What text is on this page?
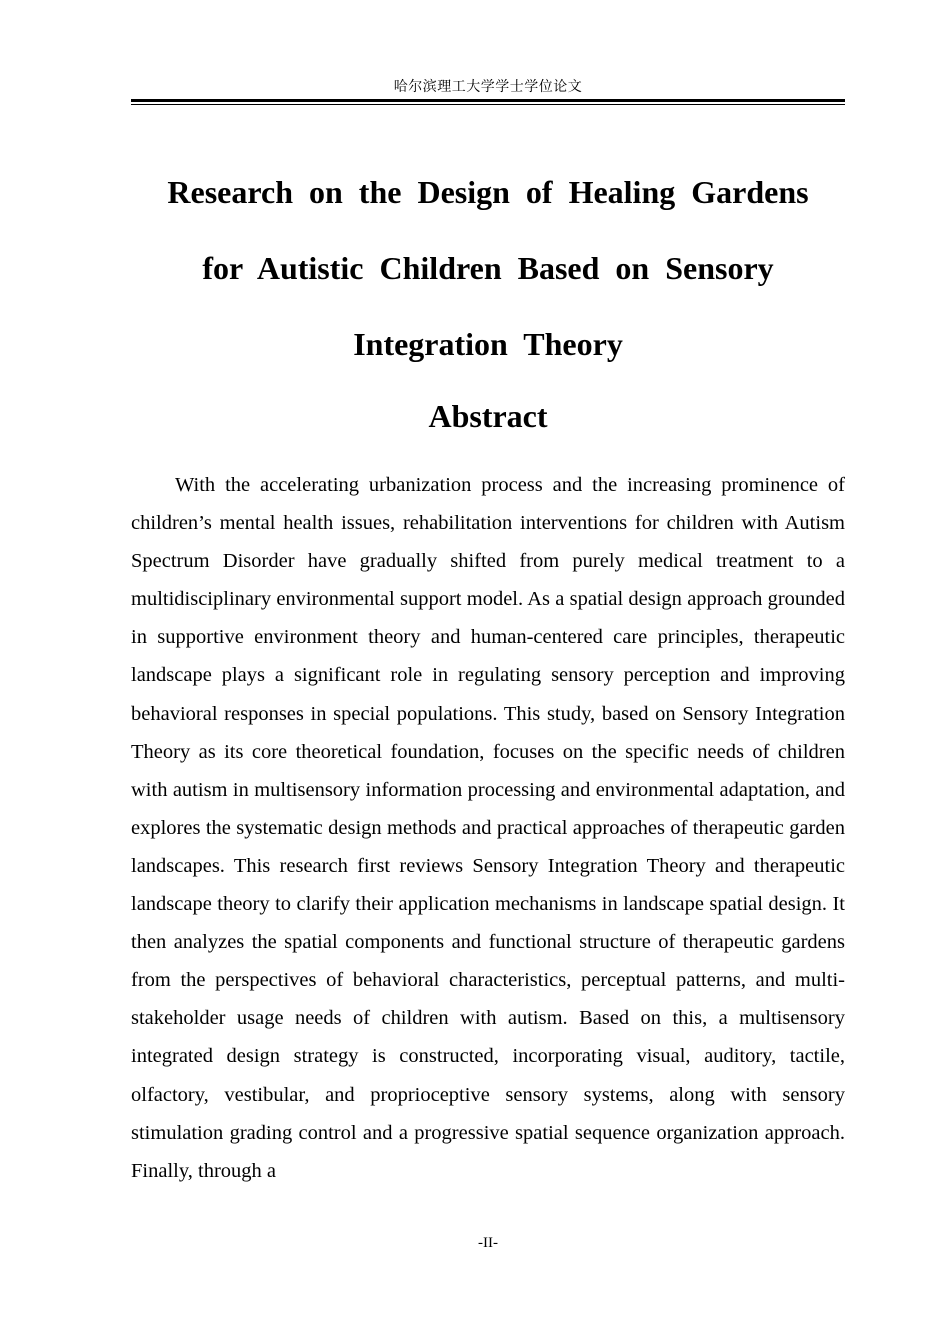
哈尔滨理工大学学士学位论文
Research on the Design of Healing Gardens for Autistic Children Based on Sensory Integration Theory
Abstract

With the accelerating urbanization process and the increasing prominence of children’s mental health issues, rehabilitation interventions for children with Autism Spectrum Disorder have gradually shifted from purely medical treatment to a multidisciplinary environmental support model. As a spatial design approach grounded in supportive environment theory and human-centered care principles, therapeutic landscape plays a significant role in regulating sensory perception and improving behavioral responses in special populations. This study, based on Sensory Integration Theory as its core theoretical foundation, focuses on the specific needs of children with autism in multisensory information processing and environmental adaptation, and explores the systematic design methods and practical approaches of therapeutic garden landscapes. This research first reviews Sensory Integration Theory and therapeutic landscape theory to clarify their application mechanisms in landscape spatial design. It then analyzes the spatial components and functional structure of therapeutic gardens from the perspectives of behavioral characteristics, perceptual patterns, and multi-stakeholder usage needs of children with autism. Based on this, a multisensory integrated design strategy is constructed, incorporating visual, auditory, tactile, olfactory, vestibular, and proprioceptive sensory systems, along with sensory stimulation grading control and a progressive spatial sequence organization approach. Finally, through a

-II-
